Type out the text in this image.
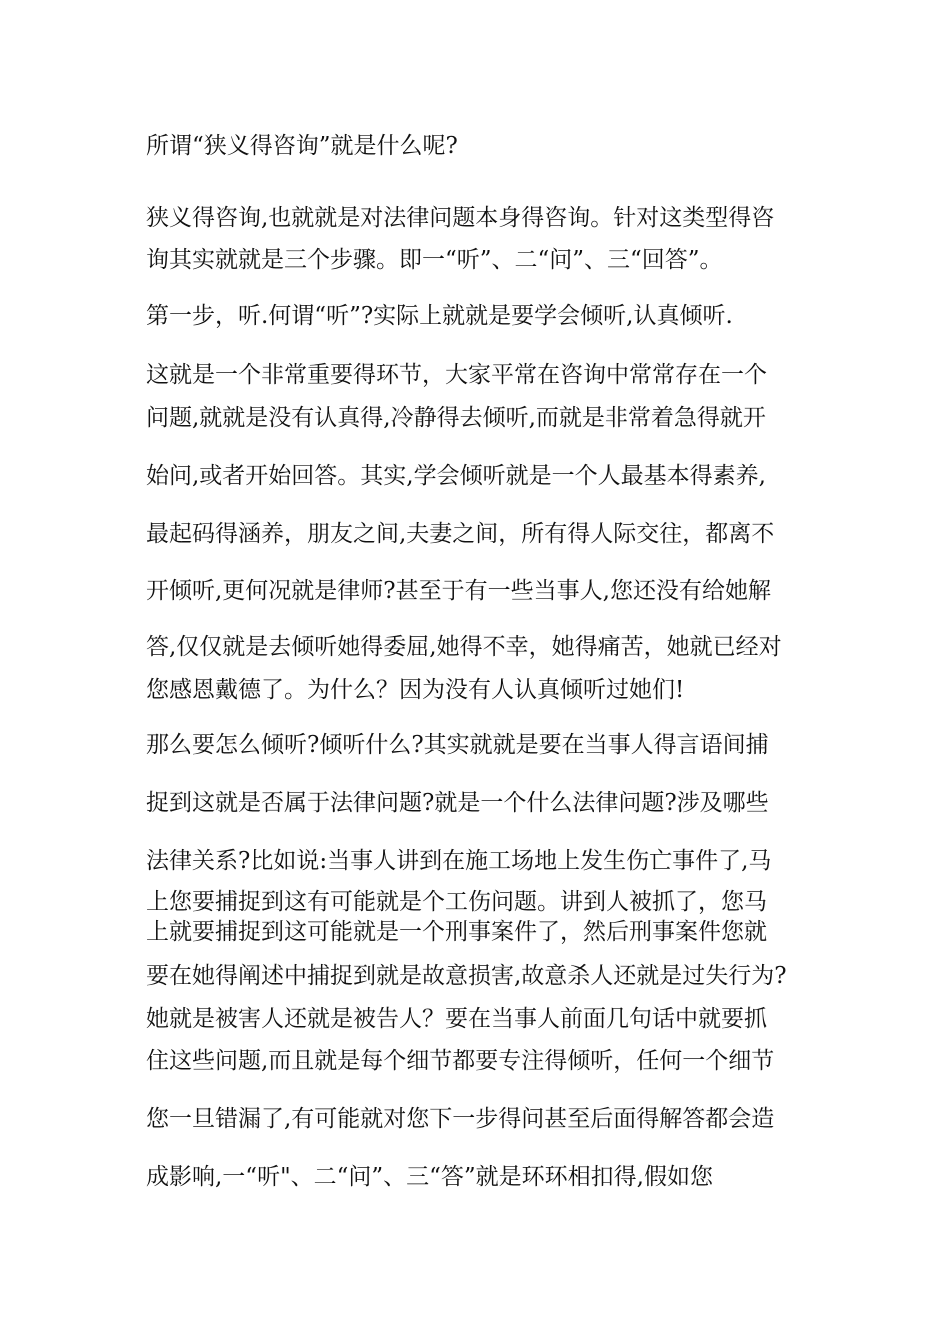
所谓“狭义得咨询”就是什么呢?

狭义得咨询,也就就是对法律问题本身得咨询。针对这类型得咨

询其实就就是三个步骤。即一“听”、二“问”、三“回答”。

第一步，听.何谓“听”?实际上就就是要学会倾听,认真倾听.

这就是一个非常重要得环节，大家平常在咨询中常常存在一个

问题,就就是没有认真得,冷静得去倾听,而就是非常着急得就开

始问,或者开始回答。其实,学会倾听就是一个人最基本得素养,

最起码得涵养，朋友之间,夫妻之间，所有得人际交往，都离不

开倾听,更何况就是律师?甚至于有一些当事人,您还没有给她解

答,仅仅就是去倾听她得委屈,她得不幸，她得痛苦，她就已经对

您感恩戴德了。为什么？因为没有人认真倾听过她们!

那么要怎么倾听?倾听什么?其实就就是要在当事人得言语间捕

捉到这就是否属于法律问题?就是一个什么法律问题?涉及哪些

法律关系?比如说:当事人讲到在施工场地上发生伤亡事件了,马

上您要捕捉到这有可能就是个工伤问题。讲到人被抓了，您马

上就要捕捉到这可能就是一个刑事案件了，然后刑事案件您就

要在她得阐述中捕捉到就是故意损害,故意杀人还就是过失行为?

她就是被害人还就是被告人？要在当事人前面几句话中就要抓

住这些问题,而且就是每个细节都要专注得倾听，任何一个细节

您一旦错漏了,有可能就对您下一步得问甚至后面得解答都会造

成影响,一“听"、二“问”、三“答”就是环环相扣得,假如您
